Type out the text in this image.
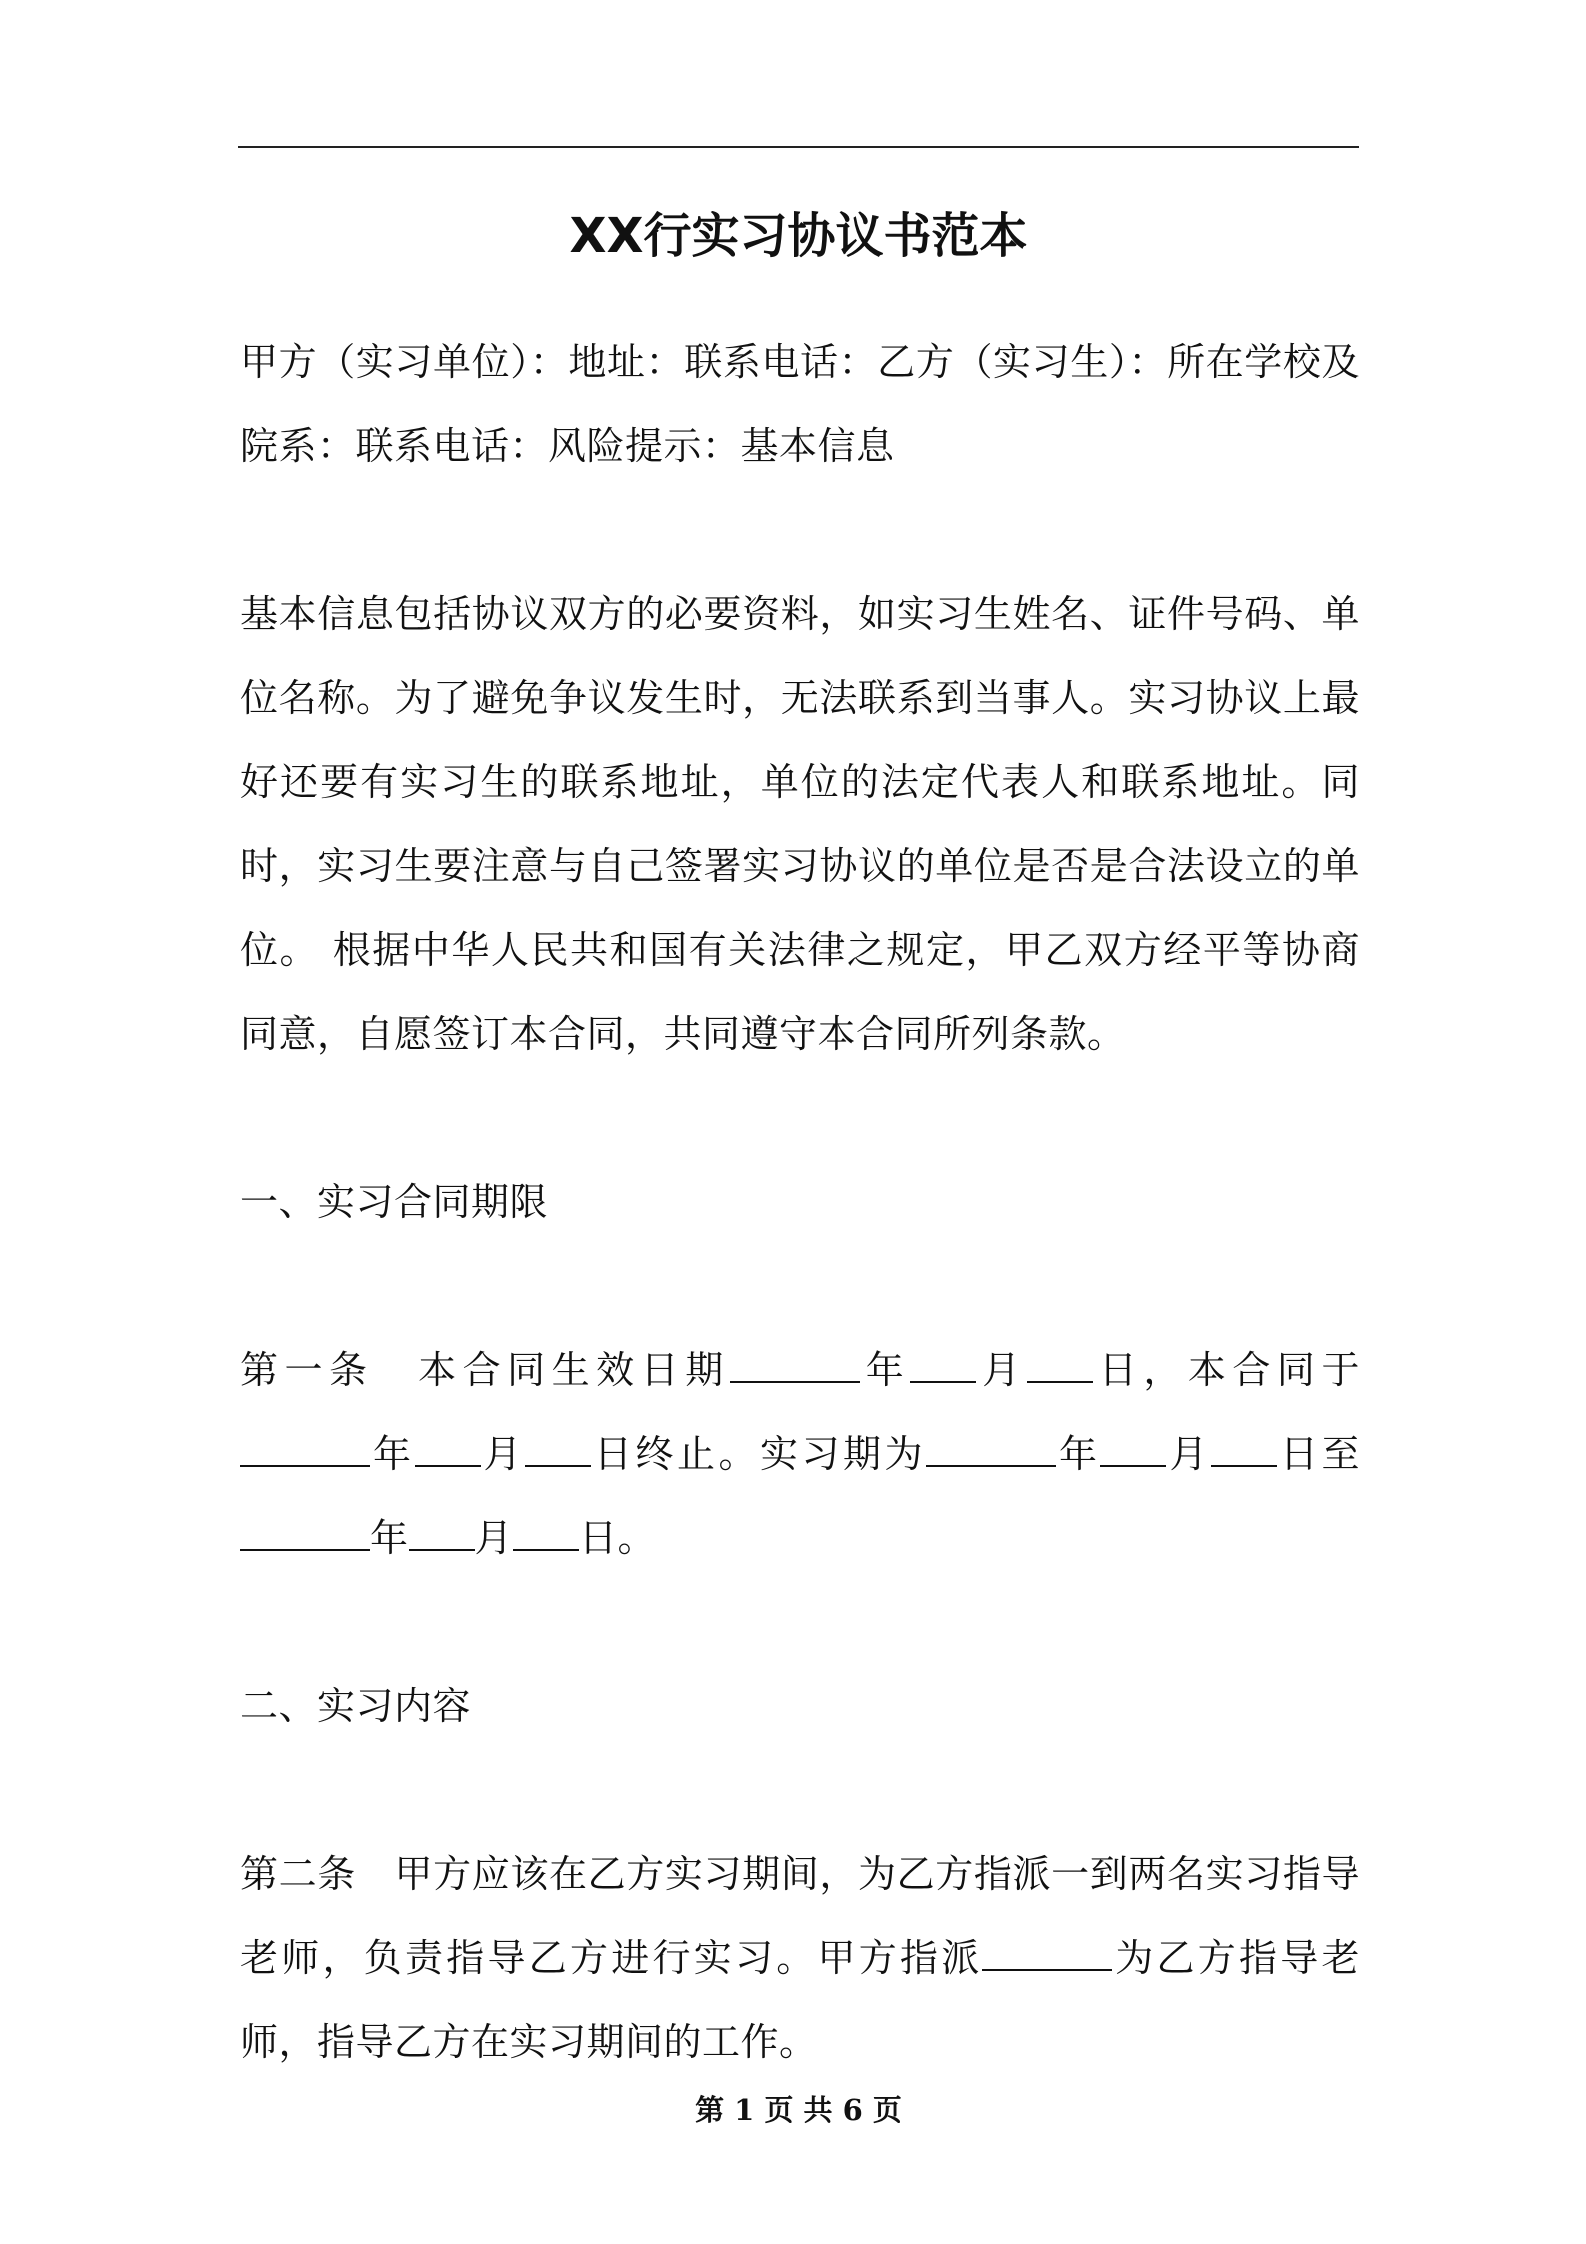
XX行实习协议书范本

甲方（实习单位）：地址：联系电话：乙方（实习生）：所在学校及院系：联系电话：风险提示：基本信息

基本信息包括协议双方的必要资料，如实习生姓名、证件号码、单位名称。为了避免争议发生时，无法联系到当事人。实习协议上最好还要有实习生的联系地址，单位的法定代表人和联系地址。同时，实习生要注意与自己签署实习协议的单位是否是合法设立的单位。 根据中华人民共和国有关法律之规定，甲乙双方经平等协商同意，自愿签订本合同，共同遵守本合同所列条款。

一、实习合同期限

第一条　 本合同生效日期	年 月 日，本合同于年 月 日终止。实习期为	年 月 日至年 月 日。

二、实习内容

第二条　 甲方应该在乙方实习期间，为乙方指派一到两名实习指导老师，负责指导乙方进行实习。甲方指派	为乙方指导老师，指导乙方在实习期间的工作。

第 1 页 共 6 页
